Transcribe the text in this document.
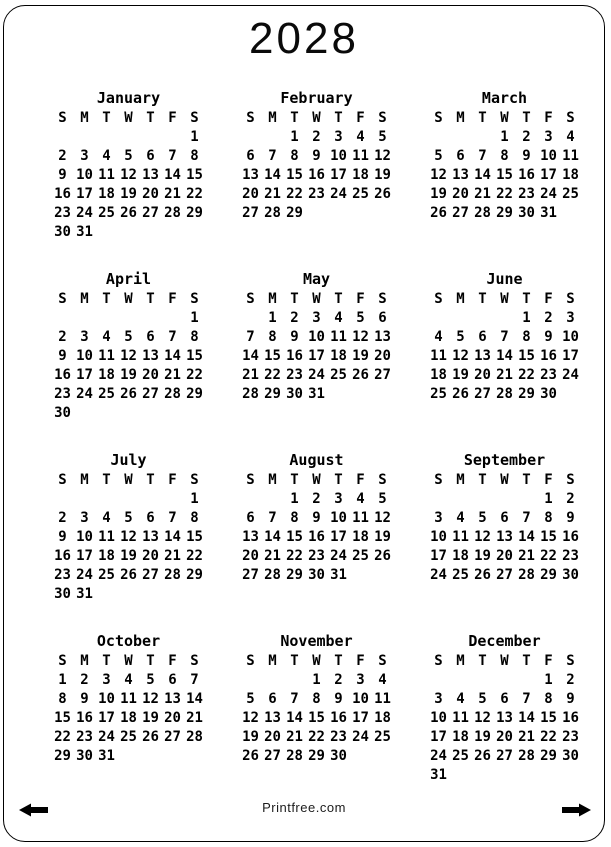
2028
January
S	M	T	W	T	F	S
						1
2	3	4	5	6	7	8
9	10	11	12	13	14	15
16	17	18	19	20	21	22
23	24	25	26	27	28	29
30	31					
February
S	M	T	W	T	F	S
		1	2	3	4	5
6	7	8	9	10	11	12
13	14	15	16	17	18	19
20	21	22	23	24	25	26
27	28	29				
March
S	M	T	W	T	F	S
			1	2	3	4
5	6	7	8	9	10	11
12	13	14	15	16	17	18
19	20	21	22	23	24	25
26	27	28	29	30	31	
April
S	M	T	W	T	F	S
						1
2	3	4	5	6	7	8
9	10	11	12	13	14	15
16	17	18	19	20	21	22
23	24	25	26	27	28	29
30						
May
S	M	T	W	T	F	S
	1	2	3	4	5	6
7	8	9	10	11	12	13
14	15	16	17	18	19	20
21	22	23	24	25	26	27
28	29	30	31			
June
S	M	T	W	T	F	S
				1	2	3
4	5	6	7	8	9	10
11	12	13	14	15	16	17
18	19	20	21	22	23	24
25	26	27	28	29	30	
July
S	M	T	W	T	F	S
						1
2	3	4	5	6	7	8
9	10	11	12	13	14	15
16	17	18	19	20	21	22
23	24	25	26	27	28	29
30	31					
August
S	M	T	W	T	F	S
		1	2	3	4	5
6	7	8	9	10	11	12
13	14	15	16	17	18	19
20	21	22	23	24	25	26
27	28	29	30	31		
September
S	M	T	W	T	F	S
					1	2
3	4	5	6	7	8	9
10	11	12	13	14	15	16
17	18	19	20	21	22	23
24	25	26	27	28	29	30
October
S	M	T	W	T	F	S
1	2	3	4	5	6	7
8	9	10	11	12	13	14
15	16	17	18	19	20	21
22	23	24	25	26	27	28
29	30	31				
November
S	M	T	W	T	F	S
			1	2	3	4
5	6	7	8	9	10	11
12	13	14	15	16	17	18
19	20	21	22	23	24	25
26	27	28	29	30		
December
S	M	T	W	T	F	S
					1	2
3	4	5	6	7	8	9
10	11	12	13	14	15	16
17	18	19	20	21	22	23
24	25	26	27	28	29	30
31						
Printfree.com
